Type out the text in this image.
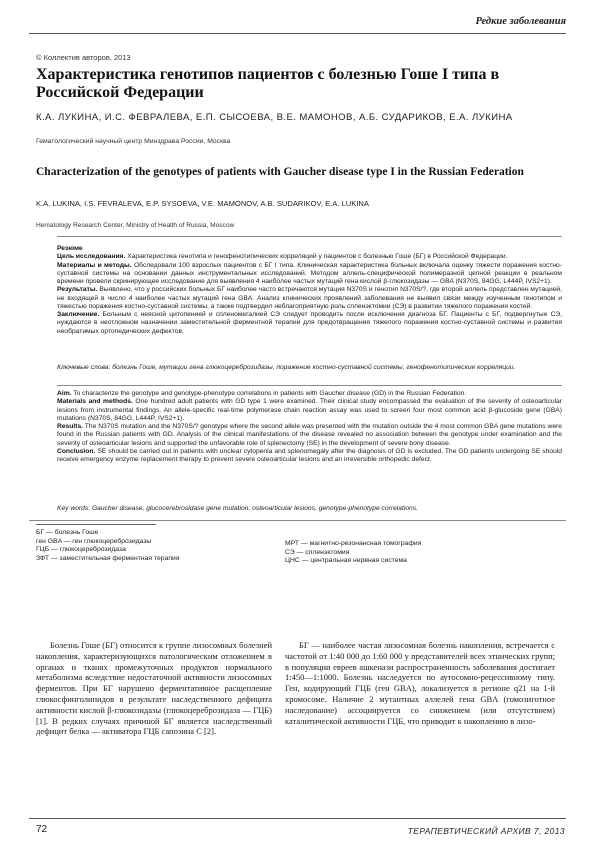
Редкие заболевания
© Коллектив авторов, 2013
Характеристика генотипов пациентов с болезнью Гоше I типа в Российской Федерации
К.А. ЛУКИНА, И.С. ФЕВРАЛЕВА, Е.П. СЫСОЕВА, В.Е. МАМОНОВ, А.Б. СУДАРИКОВ, Е.А. ЛУКИНА
Гематологический научный центр Минздрава России, Москва
Characterization of the genotypes of patients with Gaucher disease type I in the Russian Federation
K.A. LUKINA, I.S. FEVRALEVA, E.P. SYSOEVA, V.E. MAMONOV, A.B. SUDARIKOV, E.A. LUKINA
Hematology Research Center, Ministry of Health of Russia, Moscow
Резюме
Цель исследования. Характеристика генотипа и генофенотипических корреляций у пациентов с болезнью Гоше (БГ) в Российской Федерации.
Материалы и методы. Обследовали 100 взрослых пациентов с БГ I типа. Клиническая характеристика больных включала оценку тяжести поражения костно-суставной системы на основании данных инструментальных исследований. Методом аллель-специфической полимеразной цепной реакции в реальном времени провели скринирующее исследование для выявления 4 наиболее частых мутаций гена кислой β-глюкозидазы — GBA (N370S, 84GG, L444P, IVS2+1).
Результаты. Выявлено, что у российских больных БГ наиболее часто встречаются мутация N370S и генотип N370S/?, где второй аллель представлен мутацией, не входящей в число 4 наиболее частых мутаций гена GBA. Анализ клинических проявлений заболевания не выявил связи между изученным генотипом и тяжестью поражения костно-суставной системы, а также подтвердил неблагоприятную роль спленэктомии (СЭ) в развитии тяжелого поражения костей.
Заключение. Больным с неясной цитопенией и спленомегалией СЭ следует проводить после исключения диагноза БГ. Пациенты с БГ, подвергнутые СЭ, нуждаются в неотложном назначении заместительной ферментной терапии для предотвращения тяжелого поражения костно-суставной системы и развития необратимых ортопедических дефектов.
Ключевые слова: болезнь Гоше, мутации гена глюкоцереброзидазы, поражение костно-суставной системы, генофенотипические корреляции.
Aim. To characterize the genotype and genotype-phenotype correlations in patients with Gaucher disease (GD) in the Russian Federation.
Materials and methods. One hundred adult patients with GD type 1 were examined. Their clinical study encompassed the evaluation of the severity of osteoarticular lesions from instrumental findings. An allele-specific real-time polymerase chain reaction assay was used to screen four most common acid β-glucoside gene (GBA) mutations (N370S, 84GG, L444P, IVS2+1).
Results. The N370S mutation and the N370S/? genotype where the second allele was presented with the mutation outside the 4 most common GBA gene mutations were found in the Russian patients with GD. Analysis of the clinical manifestations of the disease revealed no association between the genotype under examination and the severity of osteoarticular lesions and supported the unfavorable role of splenectomy (SE) in the development of severe bony disease.
Conclusion. SE should be carried out in patients with unclear cytopenia and splenomegaly after the diagnosis of GD is excluded. The GD patients undergoing SE should receive emergency enzyme replacement therapy to prevent severe osteoarticular lesions and an irreversible orthopedic defect.
Key words: Gaucher disease, glucocerebrosidase gene mutation, osteoarticular lesions, genotype-phenotype correlations.
БГ — болезнь Гоше
ген GBA — ген глюкоцереброзидазы
ГЦБ — глюкоцереброзидаза
ЗФТ — заместительная ферментная терапия
МРТ — магнитно-резонансная томография
СЭ — спленэктомия
ЦНС — центральная нервная система

Болезнь Гоше (БГ) относится к группе лизосомных болезней накопления, характеризующихся патологическим отложением в органах и тканях промежуточных продуктов нормального метаболизма вследствие недостаточной активности лизосомных ферментов. При БГ нарушено ферментативное расщепление глюкосфинголипидов в результате наследственного дефицита активности кислой β-глюкозидазы (глюкоцереброзидаза — ГЦБ) [1]. В редких случаях причиной БГ является наследственный дефицит белка — активатора ГЦБ сапозина С [2].

БГ — наиболее частая лизосомная болезнь накопления, встречается с частотой от 1:40 000 до 1:60 000 у представителей всех этнических групп; в популяции евреев ашкенази распространенность заболевания достигает 1:450—1:1000. Болезнь наследуется по аутосомно-рецессивному типу. Ген, кодирующий ГЦБ (ген GBA), локализуется в регионе q21 на 1-й хромосоме. Наличие 2 мутантных аллелей гена GBA (гомозиготное наследование) ассоциируется со снижением (или отсутствием) каталитической активности ГЦБ, что приводит к накоплению в лизо-

72	ТЕРАПЕВТИЧЕСКИЙ АРХИВ 7, 2013
